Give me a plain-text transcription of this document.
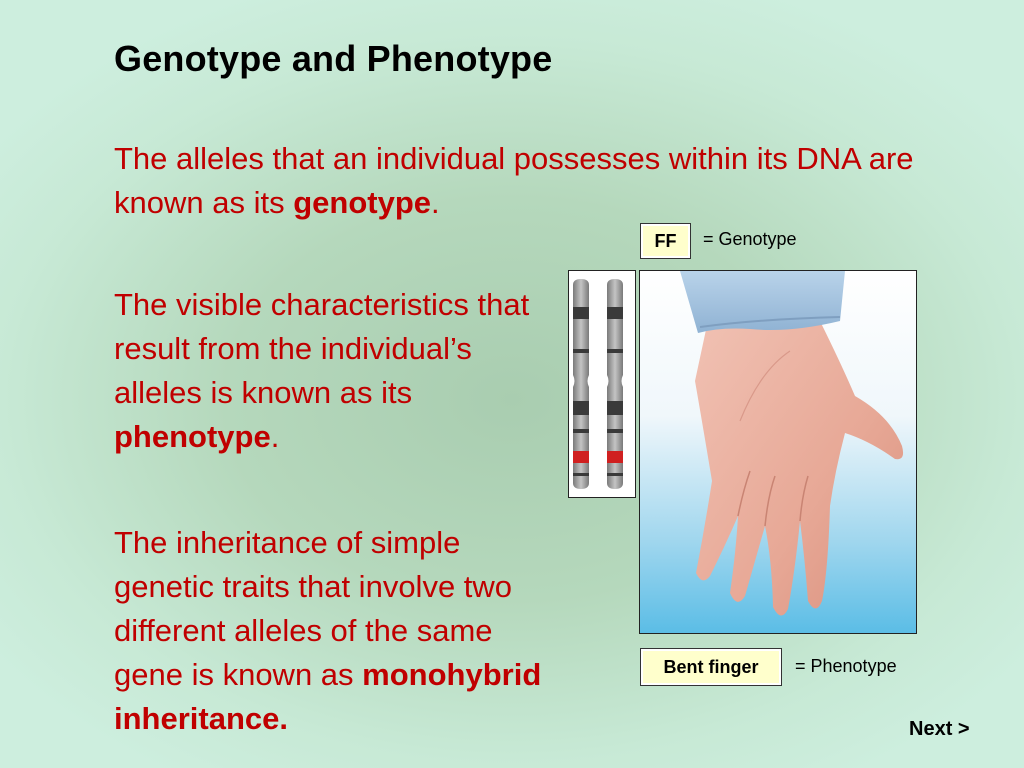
Genotype and Phenotype

The alleles that an individual possesses within its DNA are known as its genotype.

The visible characteristics that result from the individual’s alleles is known as its phenotype.

The inheritance of simple genetic traits that involve two different alleles of the same gene is known as monohybrid inheritance.

FF = Genotype
Bent finger = Phenotype
Next >
